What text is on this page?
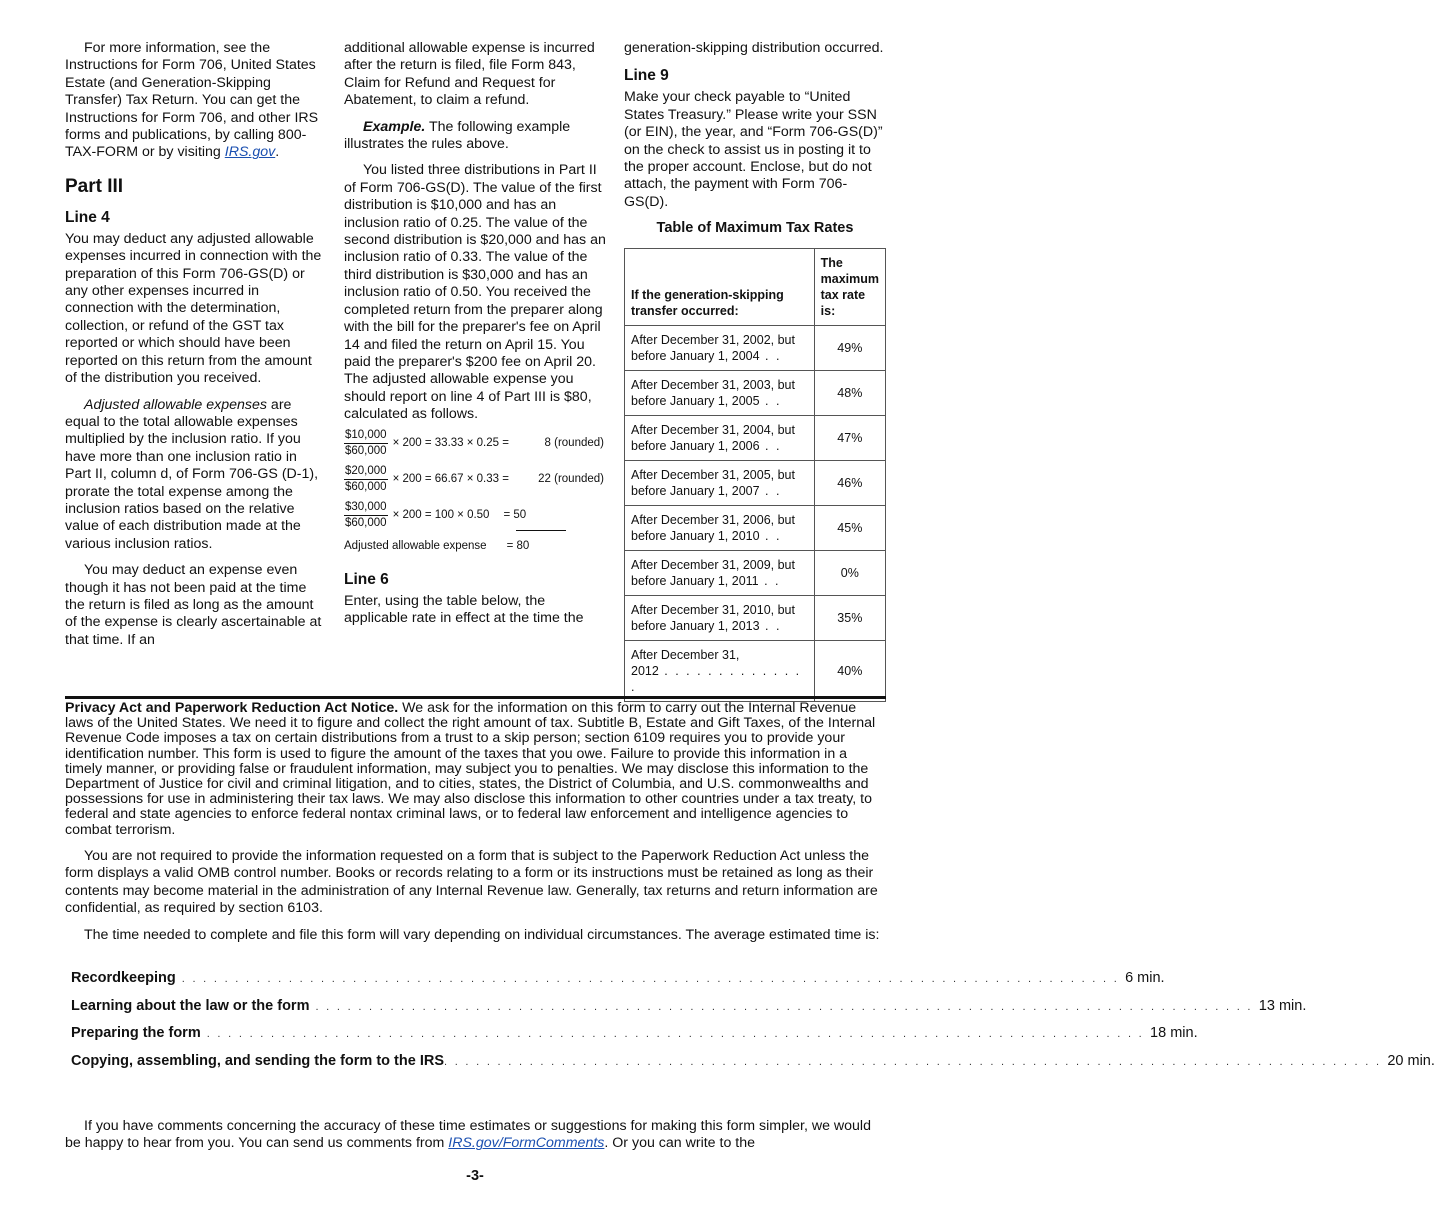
For more information, see the Instructions for Form 706, United States Estate (and Generation-Skipping Transfer) Tax Return. You can get the Instructions for Form 706, and other IRS forms and publications, by calling 800-TAX-FORM or by visiting IRS.gov.

Part III
Line 4

You may deduct any adjusted allowable expenses incurred in connection with the preparation of this Form 706-GS(D) or any other expenses incurred in connection with the determination, collection, or refund of the GST tax reported or which should have been reported on this return from the amount of the distribution you received.

Adjusted allowable expenses are equal to the total allowable expenses multiplied by the inclusion ratio. If you have more than one inclusion ratio in Part II, column d, of Form 706-GS (D-1), prorate the total expense among the inclusion ratios based on the relative value of each distribution made at the various inclusion ratios.

You may deduct an expense even though it has not been paid at the time the return is filed as long as the amount of the expense is clearly ascertainable at that time. If an

additional allowable expense is incurred after the return is filed, file Form 843, Claim for Refund and Request for Abatement, to claim a refund.

Example. The following example illustrates the rules above.

You listed three distributions in Part II of Form 706-GS(D). The value of the first distribution is $10,000 and has an inclusion ratio of 0.25. The value of the second distribution is $20,000 and has an inclusion ratio of 0.33. The value of the third distribution is $30,000 and has an inclusion ratio of 0.50. You received the completed return from the preparer along with the bill for the preparer's fee on April 14 and filed the return on April 15. You paid the preparer's $200 fee on April 20. The adjusted allowable expense you should report on line 4 of Part III is $80, calculated as follows.

$\frac{\$10,000}{\$60,000} \times 200 = 33.33 \times 0.25$ =	8 (rounded)
$\frac{\$20,000}{\$60,000} \times 200 = 66.67 \times 0.33$ =	22 (rounded)
$\frac{\$30,000}{\$60,000} \times 200 = 100 \times 0.50 = 50$
Adjusted allowable expense = 80
Line 6

Enter, using the table below, the applicable rate in effect at the time the

generation-skipping distribution occurred.

Line 9

Make your check payable to “United States Treasury.” Please write your SSN (or EIN), the year, and “Form 706-GS(D)” on the check to assist us in posting it to the proper account. Enclose, but do not attach, the payment with Form 706-GS(D).

Table of Maximum Tax Rates
If the generation-skipping transfer occurred:	The maximum tax rate is:
After December 31, 2002, but
before January 1, 2004 . .	49%
After December 31, 2003, but
before January 1, 2005 . .	48%
After December 31, 2004, but
before January 1, 2006 . .	47%
After December 31, 2005, but
before January 1, 2007 . .	46%
After December 31, 2006, but
before January 1, 2010 . .	45%
After December 31, 2009, but
before January 1, 2011 . .	0%
After December 31, 2010, but
before January 1, 2013 . .	35%
After December 31,
2012 . . . . . . . . . . . . . .	40%

Privacy Act and Paperwork Reduction Act Notice. We ask for the information on this form to carry out the Internal Revenue laws of the United States. We need it to figure and collect the right amount of tax. Subtitle B, Estate and Gift Taxes, of the Internal Revenue Code imposes a tax on certain distributions from a trust to a skip person; section 6109 requires you to provide your identification number. This form is used to figure the amount of the taxes that you owe. Failure to provide this information in a timely manner, or providing false or fraudulent information, may subject you to penalties. We may disclose this information to the Department of Justice for civil and criminal litigation, and to cities, states, the District of Columbia, and U.S. commonwealths and possessions for use in administering their tax laws. We may also disclose this information to other countries under a tax treaty, to federal and state agencies to enforce federal nontax criminal laws, or to federal law enforcement and intelligence agencies to combat terrorism.

You are not required to provide the information requested on a form that is subject to the Paperwork Reduction Act unless the form displays a valid OMB control number. Books or records relating to a form or its instructions must be retained as long as their contents may become material in the administration of any Internal Revenue law. Generally, tax returns and return information are confidential, as required by section 6103.

The time needed to complete and file this form will vary depending on individual circumstances. The average estimated time is:

Recordkeeping . . . . . . . . . . . . . . . . . . . . . . . . . . . . . . . . . . . . . . . . . . . . . . . . . . . . . . . . . . . . . . . . . . . . . . . . . . . . . . . . . . . . . . . . 6 min.
Learning about the law or the form . . . . . . . . . . . . . . . . . . . . . . . . . . . . . . . . . . . . . . . . . . . . . . . . . . . . . . . . . . . . . . . . . . . . . . . . . . . . . . . . . . . . . . . . 13 min.
Preparing the form . . . . . . . . . . . . . . . . . . . . . . . . . . . . . . . . . . . . . . . . . . . . . . . . . . . . . . . . . . . . . . . . . . . . . . . . . . . . . . . . . . . . . . . . 18 min.
Copying, assembling, and sending the form to the IRS . . . . . . . . . . . . . . . . . . . . . . . . . . . . . . . . . . . . . . . . . . . . . . . . . . . . . . . . . . . . . . . . . . . . . . . . . . . . . . . . . . . . . . . . 20 min.

If you have comments concerning the accuracy of these time estimates or suggestions for making this form simpler, we would be happy to hear from you. You can send us comments from IRS.gov/FormComments. Or you can write to the

-3-
